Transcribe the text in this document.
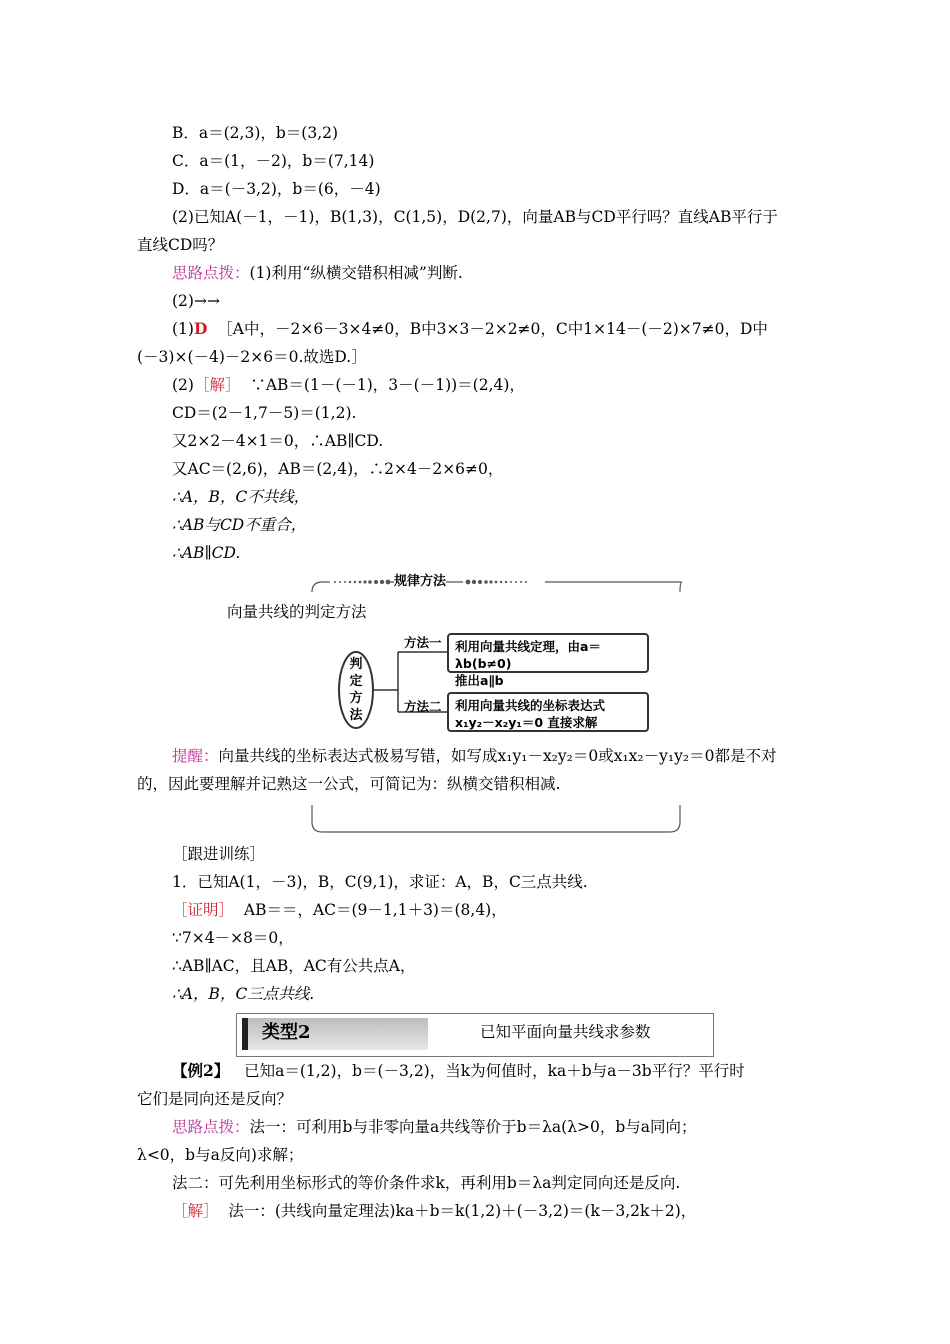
B．a＝(2,3)，b＝(3,2)
C．a＝(1，－2)，b＝(7,14)
D．a＝(－3,2)，b＝(6，－4)
(2)已知A(－1，－1)，B(1,3)，C(1,5)，D(2,7)，向量AB与CD平行吗？直线AB平行于
直线CD吗？
思路点拨：(1)利用“纵横交错积相减”判断.
(2)→→
(1)D ［A中，－2×6－3×4≠0，B中3×3－2×2≠0，C中1×14－(－2)×7≠0，D中
(－3)×(－4)－2×6＝0.故选D.］
(2)［解］ ∵AB＝(1－(－1)，3－(－1))＝(2,4)，
CD＝(2－1,7－5)＝(1,2).
又2×2－4×1＝0，∴AB∥CD.
又AC＝(2,6)，AB＝(2,4)，∴2×4－2×6≠0，
∴A，B，C不共线，
∴AB与CD不重合，
∴AB∥CD.
规律方法
向量共线的判定方法
判
定
方
法
方法一 利用向量共线定理，由a＝λb(b≠0)
推出a∥b
方法二 利用向量共线的坐标表达式
x₁y₂－x₂y₁＝0 直接求解
提醒：向量共线的坐标表达式极易写错，如写成x₁y₁－x₂y₂＝0或x₁x₂－y₁y₂＝0都是不对
的，因此要理解并记熟这一公式，可简记为：纵横交错积相减.
［跟进训练］
1．已知A(1，－3)，B，C(9,1)，求证：A，B，C三点共线.
［证明］ AB＝＝，AC＝(9－1,1＋3)＝(8,4)，
∵7×4－×8＝0，
∴AB∥AC，且AB，AC有公共点A，
∴A，B，C三点共线.
类型2	已知平面向量共线求参数
【例2】 已知a＝(1,2)，b＝(－3,2)，当k为何值时，ka＋b与a－3b平行？平行时
它们是同向还是反向？
思路点拨：法一：可利用b与非零向量a共线等价于b＝λa(λ>0，b与a同向；
λ<0，b与a反向)求解；
法二：可先利用坐标形式的等价条件求k，再利用b＝λa判定同向还是反向.
［解］ 法一：(共线向量定理法)ka＋b＝k(1,2)＋(－3,2)＝(k－3,2k＋2)，
